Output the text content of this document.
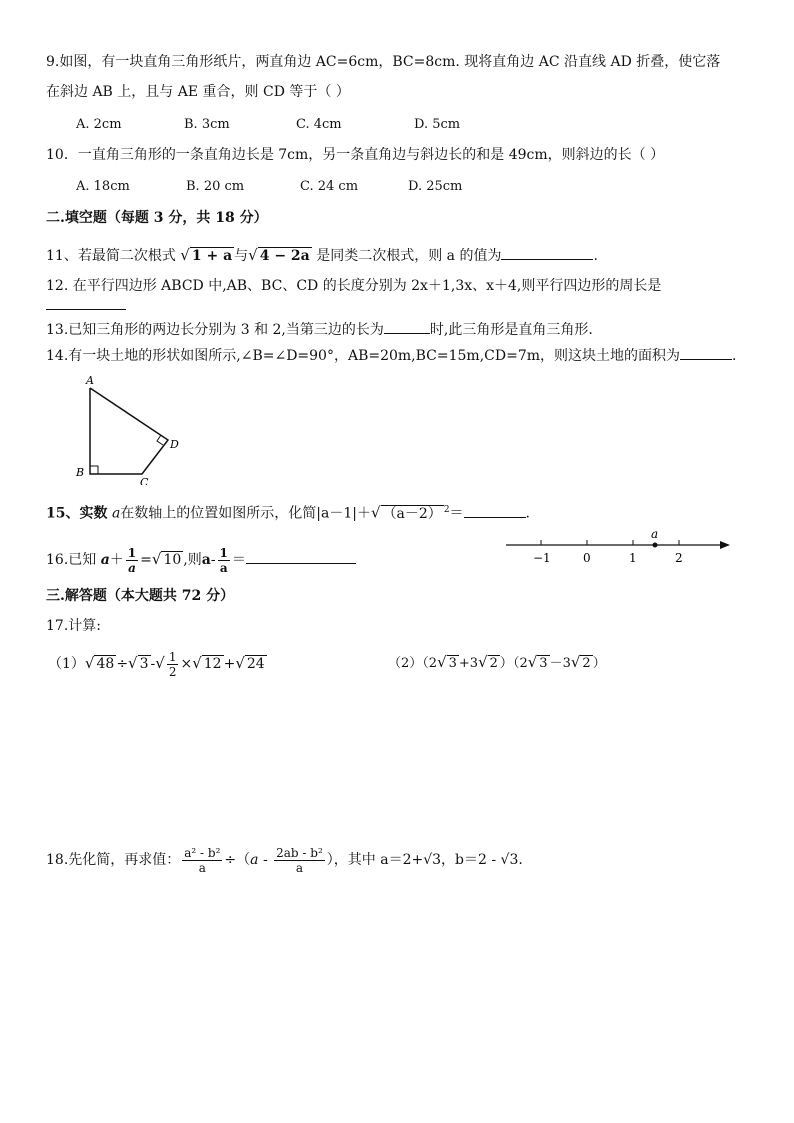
9.如图，有一块直角三角形纸片，两直角边 AC=6cm，BC=8cm. 现将直角边 AC 沿直线 AD 折叠，使它落
在斜边 AB 上，且与 AE 重合，则 CD 等于（ ）
A. 2cm	B. 3cm	C. 4cm	D. 5cm
10．一直角三角形的一条直角边长是 7cm，另一条直角边与斜边长的和是 49cm，则斜边的长（ ）
A. 18cm	B. 20 cm	C. 24 cm	D. 25cm
二.填空题（每题 3 分，共 18 分）
11、若最简二次根式 √ 1 + a 与√ 4 − 2a 是同类二次根式，则 a 的值为	.
12. 在平行四边形 ABCD 中,AB、BC、CD 的长度分别为 2x＋1,3x、x＋4,则平行四边形的周长是
13.已知三角形的两边长分别为 3 和 2,当第三边的长为	时,此三角形是直角三角形.
14.有一块土地的形状如图所示,∠B=∠D=90°，AB=20m,BC=15m,CD=7m，则这块土地的面积为	.
A
B
C
D
15、实数 a在数轴上的位置如图所示，化简|a－1|＋√ （a－2） $^2$＝	.
a
−1	0	1	2
16.已知 $a+ \frac{1}{a}$ =√ 10 ,则$a- \frac{1}{a}$ ＝
三.解答题（本大题共 72 分）
17.计算:
（1）√ 48 ÷√ 3 -√ $\frac{1}{2}$ ×√ 12 +√ 24	（2）（2√ 3 +3√ 2 ）（2√ 3 －3√ 2 ）
18.先化简，再求值： $\frac{\text{a² - b²}}{a} \div(a - \frac{\text{2ab - b²}}{a}$ ），其中 a＝2+√3，b＝2 - √3.
